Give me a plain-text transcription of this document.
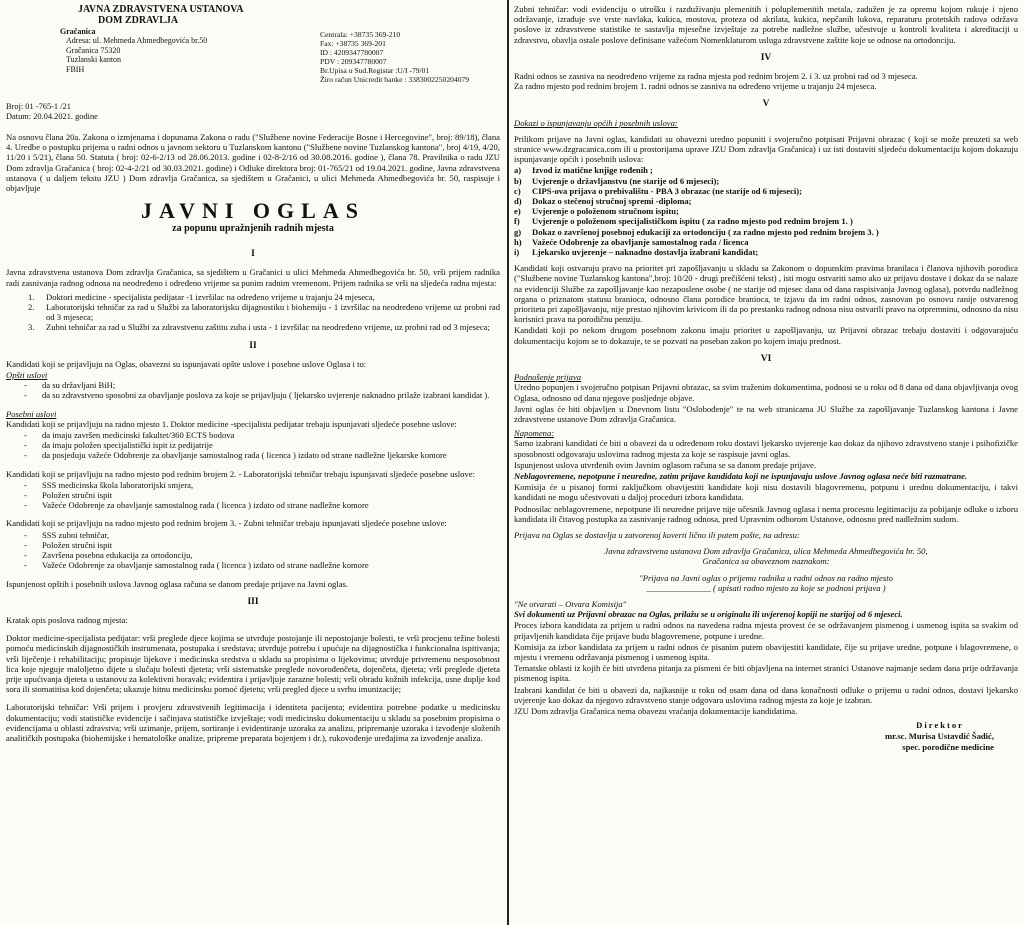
JAVNA ZDRAVSTVENA USTANOVA
DOM ZDRAVLJA
Gračanica
Adresa: ul. Mehmeda Ahmedbegovića br.50
Gračanica 75320
Tuzlanski kanton
FBIH
Centrala: +38735 369-210
Fax: +38735 369-201
ID : 4209347780007
PDV : 209347780007
Br.Upisa u Sud.Registar :U/I -79/01
Žiro račun Unicredit banke : 3383002250204079
Broj: 01 -765-1 /21
Datum: 20.04.2021. godine

Na osnovu člana 20a. Zakona o izmjenama i dopunama Zakona o radu ("Službene novine Federacije Bosne i Hercegovine", broj: 89/18), člana 4. Uredbe o postupku prijema u radni odnos u javnom sektoru u Tuzlanskom kantonu ("Službene novine Tuzlanskog kantona", broj 4/19, 4/20, 11/20 i 5/21), člana 50. Statuta ( broj: 02-6-2/13 od 28.06.2013. godine i 02-8-2/16 od 30.08.2016. godine ), člana 78. Pravilnika o radu JZU Dom zdravlja Gračanica ( broj: 02-4-2/21 od 30.03.2021. godine) i Odluke direktora broj: 01-765/21 od 19.04.2021. godine, Javna zdravstvena ustanova ( u daljem tekstu JZU ) Dom zdravlja Gračanica, sa sjedištem u Gračanici, u ulici Mehmeda Ahmedbegovića br. 50, raspisuje i objavljuje

JAVNI OGLAS
za popunu upražnjenih radnih mjesta
I

Javna zdravstvena ustanova Dom zdravlja Gračanica, sa sjedištem u Gračanici u ulici Mehmeda Ahmedbegovića br. 50, vrši prijem radnika radi zasnivanja radnog odnosa na neodređeno i određeno vrijeme sa punim radnim vremenom. Prijem radnika se vrši na sljedeća radna mjesta:

1.	Doktori medicine - specijalista pedijatar -1 izvršilac na određeno vrijeme u trajanju 24 mjeseca,
2.	Laboratorijski tehničar za rad u Službi za laboratorijsku dijagnostiku i biohemiju - 1 izvršilac na neodređeno vrijeme uz probni rad od 3 mjeseca;
3.	Zubni tehničar za rad u Službi za zdravstvenu zaštitu zuba i usta - 1 izvršilac na neodređeno vrijeme, uz probni rad od 3 mjeseca;
II

Kandidati koji se prijavljuju na Oglas, obavezni su ispunjavati opšte uslove i posebne uslove Oglasa i to:

Opšti uslovi
-	da su državljani BiH;
-	da su zdravstveno sposobni za obavljanje poslova za koje se prijavljuju ( ljekarsko uvjerenje naknadno prilaže izabrani kandidat ).
Posebni uslovi

Kandidati koji se prijavljuju na radno mjesto 1. Doktor medicine -specijalista pedijatar trebaju ispunjavati sljedeće posebne uslove:

-	da imaju završen medicinski fakultet/360 ECTS bodova
-	da imaju položen specijalistički ispit iz pedijatrije
-	da posjeduju važeće Odobrenje za obavljanje samostalnog rada ( licenca ) izdato od strane nadležne ljekarske komore

Kandidati koji se prijavljuju na radno mjesto pod rednim brojem 2. - Laboratorijski tehničar trebaju ispunjavati sljedeće posebne uslove:

-	SSS medicinska škola laboratorijski smjera,
-	Položen stručni ispit
-	Važeće Odobrenje za obavljanje samostalnog rada ( licenca ) izdato od strane nadležne komore

Kandidati koji se prijavljuju na radno mjesto pod rednim brojem 3. - Zubni tehničar trebaju ispunjavati sljedeće posebne uslove:

-	SSS zubni tehničar,
-	Položen stručni ispit
-	Završena posebna edukacija za ortodonciju,
-	Važeće Odobrenje za obavljanje samostalnog rada ( licenca ) izdato od strane nadležne komore

Ispunjenost opštih i posebnih uslova Javnog oglasa računa se danom predaje prijave na Javni oglas.

III

Kratak opis poslova radnog mjesta:

Doktor medicine-specijalista pedijatar: vrši preglede djece kojima se utvrđuje postojanje ili nepostojanje bolesti, te vrši procjenu težine bolesti pomoću medicinskih dijagnostičkih instrumenata, postupaka i sredstava; utvrđuje potrebu i upućuje na dijagnostička i funkcionalna ispitivanja; vrši liječenje i rehabilitaciju; propisuje lijekove i medicinska sredstva u skladu sa propisima o lijekovima; utvrđuje privremenu nesposobnost lica koje njeguje maloljetno dijete u slučaju bolesti djeteta; vrši sistematske preglede novorođenčeta, dojenčeta, djeteta; vrši preglede djeteta prije upućivanja djeteta u ustanovu za kolektivni boravak; evidentira i prijavljuje zarazne bolesti; vrši obradu kožnih infekcija, usne duplje kod sora ili stomatitisa kod dojenčeta; ukazuje hitnu medicinsku pomoć djetetu; vrši pregled djece u svrhu imunizacije;

Laboratorijski tehničar: Vrši prijem i provjeru zdravstvenih legitimacija i identiteta pacijenta; evidentira potrebne podatke u medicinsku dokumentaciju; vodi statističke evidencije i sačinjava statističke izvještaje; vodi medicinsku dokumentaciju u skladu sa posebnim propisima o evidencijama u oblasti zdravstva; vrši uzimanje, prijem, sortiranje i evidentiranje uzoraka za analizu, pripremanje uzoraka i izvođenje složenih analitičkih postupaka (biohemijske i hematološke analize, pripreme preparata bojenjem i dr.), rukovođenje uređajima za izvođenje analiza.

Zubni tehničar: vodi evidenciju o utrošku i razduživanju plemenitih i poluplemenitih metala, zadužen je za opremu kojom rukuje i njeno održavanje, izrađuje sve vrste navlaka, kukica, mostova, proteza od akrilata, kukica, nepčanih lukova, reparaturu protetskih radova održava poslove iz zdravstvene statistike te sastavlja mjesečne izvještaje za potrebe nadležne službe, učestvuje u kontroli kvaliteta i akreditaciji u zdravstvu, obavlja ostale poslove definisane važećom Nomenklaturom usluga zdravstvene zaštite koje se odnose na ortodonciju.

IV

Radni odnos se zasniva na neodređeno vrijeme za radna mjesta pod rednim brojem 2. i 3. uz probni rad od 3 mjeseca.

Za radno mjesto pod rednim brojem 1. radni odnos se zasniva na određeno vrijeme u trajanju 24 mjeseca.

V
Dokazi o ispunjavanju općih i posebnih uslova:

Prilikom prijave na Javni oglas, kandidati su obavezni uredno popuniti i svojeručno potpisati Prijavni obrazac ( koji se može preuzeti sa web stranice www.dzgracanica.com ili u prostorijama uprave JZU Dom zdravlja Gračanica) i uz isti dostaviti sljedeću dokumentaciju kojom dokazuju ispunjavanje općih i posebnih uslova:

a)	Izvod iz matične knjige rođenih ;
b)	Uvjerenje o državljanstvu (ne starije od 6 mjeseci);
c)	CIPS-ova prijava o prebivalištu - PBA 3 obrazac (ne starije od 6 mjeseci);
d)	Dokaz o stečenoj stručnoj spremi -diploma;
e)	Uvjerenje o položenom stručnom ispitu;
f)	Uvjerenje o položenom specijalističkom ispitu ( za radno mjesto pod rednim brojem 1. )
g)	Dokaz o završenoj posebnoj edukaciji za ortodonciju ( za radno mjesto pod rednim brojem 3. )
h)	Važeće Odobrenje za obavljanje samostalnog rada / licenca
i)	Ljekarsko uvjerenje – naknadno dostavlja izabrani kandidat;

Kandidati koji ostvaruju pravo na prioritet pri zapošljavanju u skladu sa Zakonom o dopunskim pravima branilaca i članova njihovih porodica ("Službene novine Tuzlanskog kantona",broj: 10/20 - drugi prečišćeni tekst) , isti mogu ostvariti samo ako uz prijavu dostave i dokaz da se nalaze na evidenciji Službe za zapošljavanje kao nezaposlene osobe ( ne starije od mjesec dana od dana raspisivanja Javnog oglasa), potvrdu nadležnog organa o priznatom statusu branioca, odnosno člana porodice branioca, te izjavu da im radni odnos, zasnovan po osnovu ranije ostvarenog prioriteta pri zapošljavanju, nije prestao njihovim krivicom ili da po prestanku radnog odnosa nisu ostvarili pravo na otpremninu, odnosno da nisu korisnici prava na porodičnu penziju.

Kandidati koji po nekom drugom posebnom zakonu imaju prioritet u zapošljavanju, uz Prijavni obrazac trebaju dostaviti i odgovarajuću dokumentaciju kojom se to dokazuje, te se pozvati na poseban zakon po kojem imaju prednost.

VI
Podnošenje prijava

Uredno popunjen i svojeručno potpisan Prijavni obrazac, sa svim traženim dokumentima, podnosi se u roku od 8 dana od dana objavljivanja ovog Oglasa, odnosno od dana njegove posljednje objave.

Javni oglas će biti objavljen u Dnevnom listu "Oslobođenje" te na web stranicama JU Službe za zapošljavanje Tuzlanskog kantona i Javne zdravstvene ustanove Dom zdravlja Gračanica.

Napomena:

Samo izabrani kandidati će biti u obavezi da u određenom roku dostavi ljekarsko uvjerenje kao dokaz da njihovo zdravstveno stanje i psihofizičke sposobnosti odgovaraju uslovima radnog mjesta za koje se raspisuje javni oglas.

Ispunjenost uslova utvrđenih ovim Javnim oglasom računa se sa danom predaje prijave.

Neblagovremene, nepotpune i neuredne, zatim prijave kandidata koji ne ispunjavaju uslove Javnog oglasa neće biti razmatrane.

Komisija će u pisanoj formi zaključkom obavijestiti kandidate koji nisu dostavili blagovremenu, potpunu i urednu dokumentaciju, i takvi kandidati ne mogu učestvovati u daljoj proceduri izbora kandidata.

Podnosilac neblagovremene, nepotpune ili neuredne prijave nije učesnik Javnog oglasa i nema procesnu legitimaciju za pobijanje odluke o izboru kandidata ili čitavog postupka za zasnivanje radnog odnosa, pred Upravnim odborom Ustanove, odnosno pred nadležnim sudom.

Prijava na Oglas se dostavlja u zatvorenoj koverti lično ili putem pošte, na adresu:

Javna zdravstvena ustanova Dom zdravlja Gračanica, ulica Mehmeda Ahmedbegovića br. 50,
Gračanica sa obaveznom naznakom:
"Prijava na Javni oglas o prijemu radnika u radni odnos na radno mjesto
_______________ ( upisati radno mjesto za koje se podnosi prijava )
"Ne otvarati – Otvara Komisija"

Svi dokumenti uz Prijavni obrazac na Oglas, prilažu se u originalu ili uvjerenoj kopiji ne starijoj od 6 mjeseci.

Proces izbora kandidata za prijem u radni odnos na navedena radna mjesta provest će se održavanjem pismenog i usmenog ispita sa svakim od prijavljenih kandidata čije prijave budu blagovremene, potpune i uredne.

Komisija za izbor kandidata za prijem u radni odnos će pisanim putem obavijestiti kandidate, čije su prijave uredne, potpune i blagovremene, o mjestu i vremenu održavanja pismenog i usmenog ispita.

Tematske oblasti iz kojih će biti utvrđena pitanja za pismeni će biti objavljena na internet stranici Ustanove najmanje sedam dana prije održavanja pismenog ispita.

Izabrani kandidat će biti u obavezi da, najkasnije u roku od osam dana od dana konačnosti odluke o prijemu u radni odnos, dostavi ljekarsko uvjerenje kao dokaz da njegovo zdravstveno stanje odgovara uslovima radnog mjesta za koje je izabran.

JZU Dom zdravlja Gračanica nema obavezu vraćanja dokumentacije kandidatima.

Direktor
mr.sc. Murisa Ustavdić Šadić,
spec. porodične medicine
